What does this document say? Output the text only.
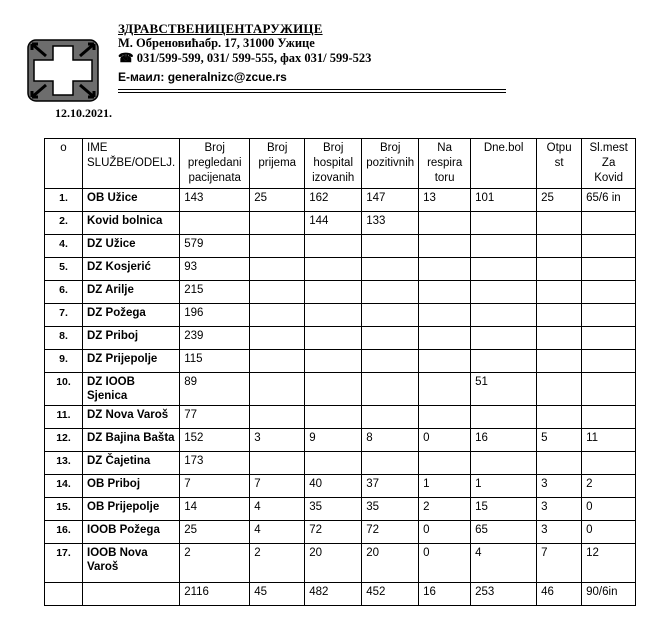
ЗДРАВСТВЕНИЦЕНТАРУЖИЦЕ
М. Обреновићабр. 17, 31000 Ужице
☎ 031/599-599, 031/ 599-555, фах 031/ 599-523
Е-маил: generalnizc@zcue.rs
12.10.2021.
o	IME SLUŽBE/ODELJ.	Broj pregledani pacijenata	Broj prijema	Broj hospital izovanih	Broj pozitivnih	Na respira toru	Dne.bol	Otpu st	Sl.mest Za Kovid
1.	OB Užice	143	25	162	147	13	101	25	65/6 in
2.	Kovid bolnica			144	133				
4.	DZ Užice	579							
5.	DZ Kosjerić	93							
6.	DZ Arilje	215							
7.	DZ Požega	196							
8.	DZ Priboj	239							
9.	DZ Prijepolje	115							
10.	DZ IOOB Sjenica	89					51		
11.	DZ Nova Varoš	77							
12.	DZ Bajina Bašta	152	3	9	8	0	16	5	11
13.	DZ Čajetina	173							
14.	OB Priboj	7	7	40	37	1	1	3	2
15.	OB Prijepolje	14	4	35	35	2	15	3	0
16.	IOOB Požega	25	4	72	72	0	65	3	0
17.	IOOB Nova Varoš	2	2	20	20	0	4	7	12
		2116	45	482	452	16	253	46	90/6in
